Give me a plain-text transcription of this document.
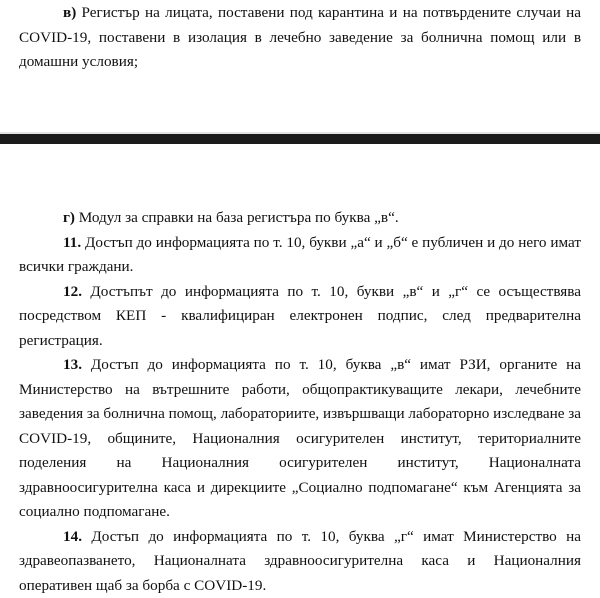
в) Регистър на лицата, поставени под карантина и на потвърдените случаи на COVID-19, поставени в изолация в лечебно заведение за болнична помощ или в домашни условия;

г) Модул за справки на база регистъра по буква „в“.

11. Достъп до информацията по т. 10, букви „а“ и „б“ е публичен и до него имат всички граждани.

12. Достъпът до информацията по т. 10, букви „в“ и „г“ се осъществява посредством КЕП - квалифициран електронен подпис, след предварителна регистрация.

13. Достъп до информацията по т. 10, буква „в“ имат РЗИ, органите на Министерство на вътрешните работи, общопрактикуващите лекари, лечебните заведения за болнична помощ, лабораториите, извършващи лабораторно изследване за COVID-19, общините, Националния осигурителен институт, териториалните поделения на Националния осигурителен институт, Националната здравноосигурителна каса и дирекциите „Социално подпомагане“ към Агенцията за социално подпомагане.

14. Достъп до информацията по т. 10, буква „г“ имат Министерство на здравеопазването, Националната здравноосигурителна каса и Националния оперативен щаб за борба с COVID-19.
